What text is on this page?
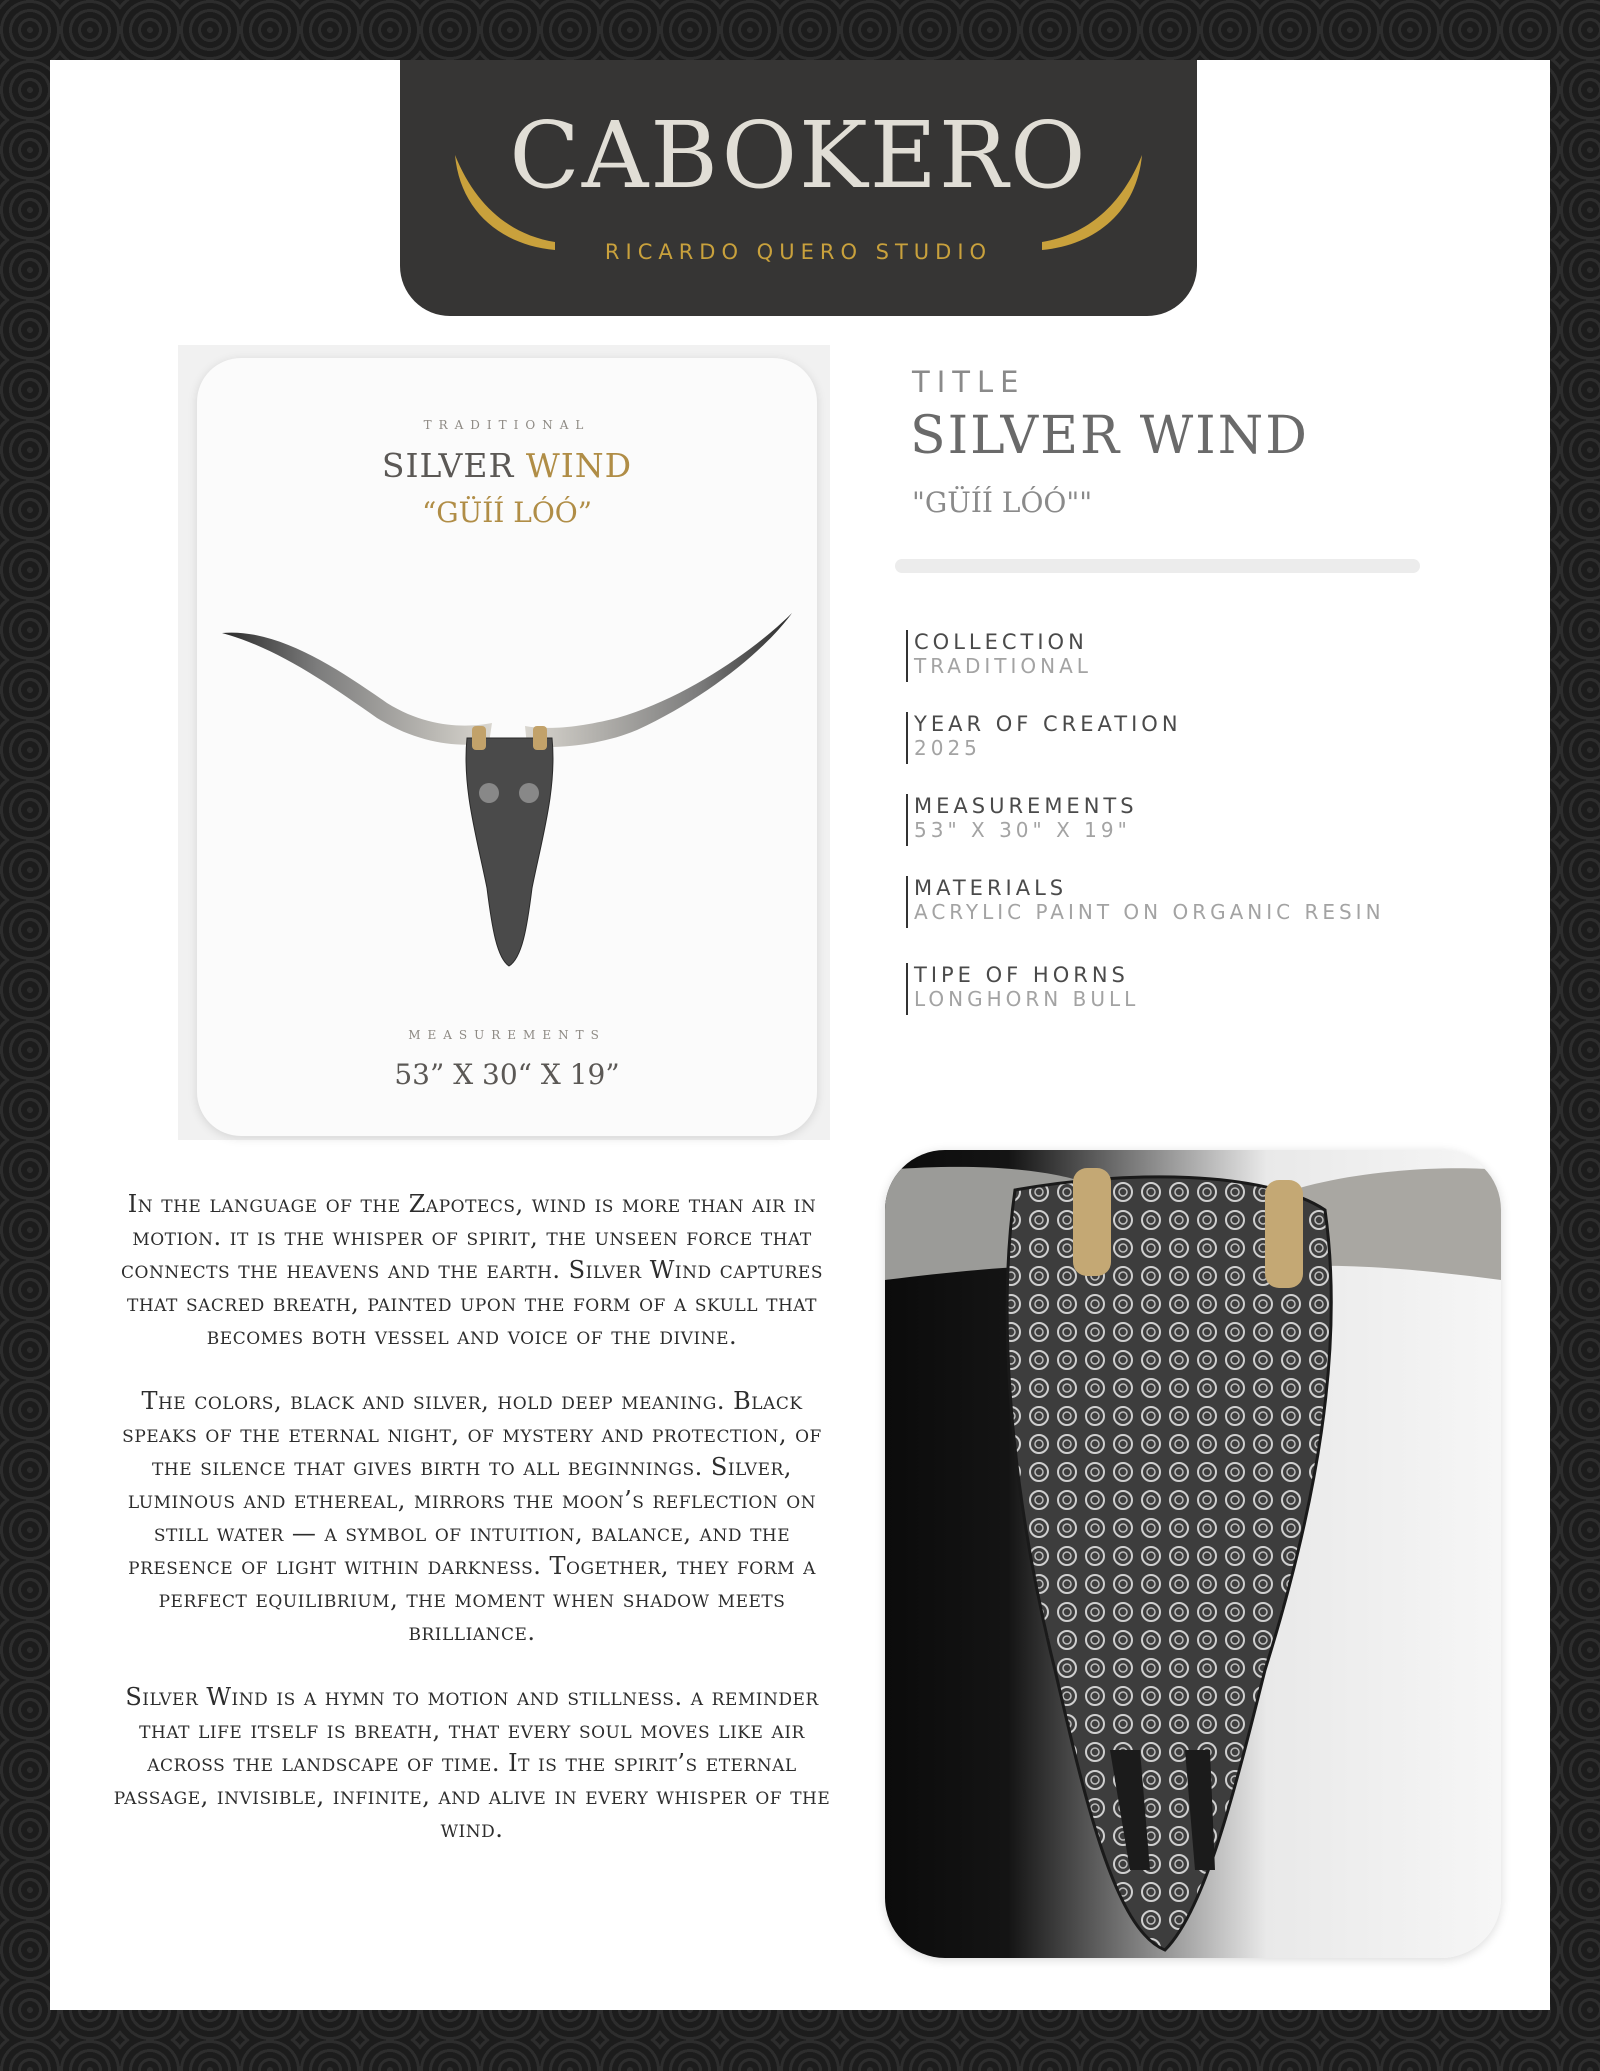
CABOKERO
RICARDO QUERO STUDIO
TRADITIONAL
SILVER WIND
“GÜÍÍ LÓÓ”
MEASUREMENTS
53” X 30“ X 19”
TITLE
SILVER WIND
"GÜÍÍ LÓÓ""
COLLECTION
TRADITIONAL
YEAR OF CREATION
2025
MEASUREMENTS
53" X 30" X 19"
MATERIALS
ACRYLIC PAINT ON ORGANIC RESIN
TIPE OF HORNS
LONGHORN BULL

In the language of the Zapotecs, wind is more than air in motion. it is the whisper of spirit, the unseen force that connects the heavens and the earth. Silver Wind captures that sacred breath, painted upon the form of a skull that becomes both vessel and voice of the divine.

The colors, black and silver, hold deep meaning. Black speaks of the eternal night, of mystery and protection, of the silence that gives birth to all beginnings. Silver, luminous and ethereal, mirrors the moon’s reflection on still water — a symbol of intuition, balance, and the presence of light within darkness. Together, they form a perfect equilibrium, the moment when shadow meets brilliance.

Silver Wind is a hymn to motion and stillness. a reminder that life itself is breath, that every soul moves like air across the landscape of time. It is the spirit’s eternal passage, invisible, infinite, and alive in every whisper of the wind.
